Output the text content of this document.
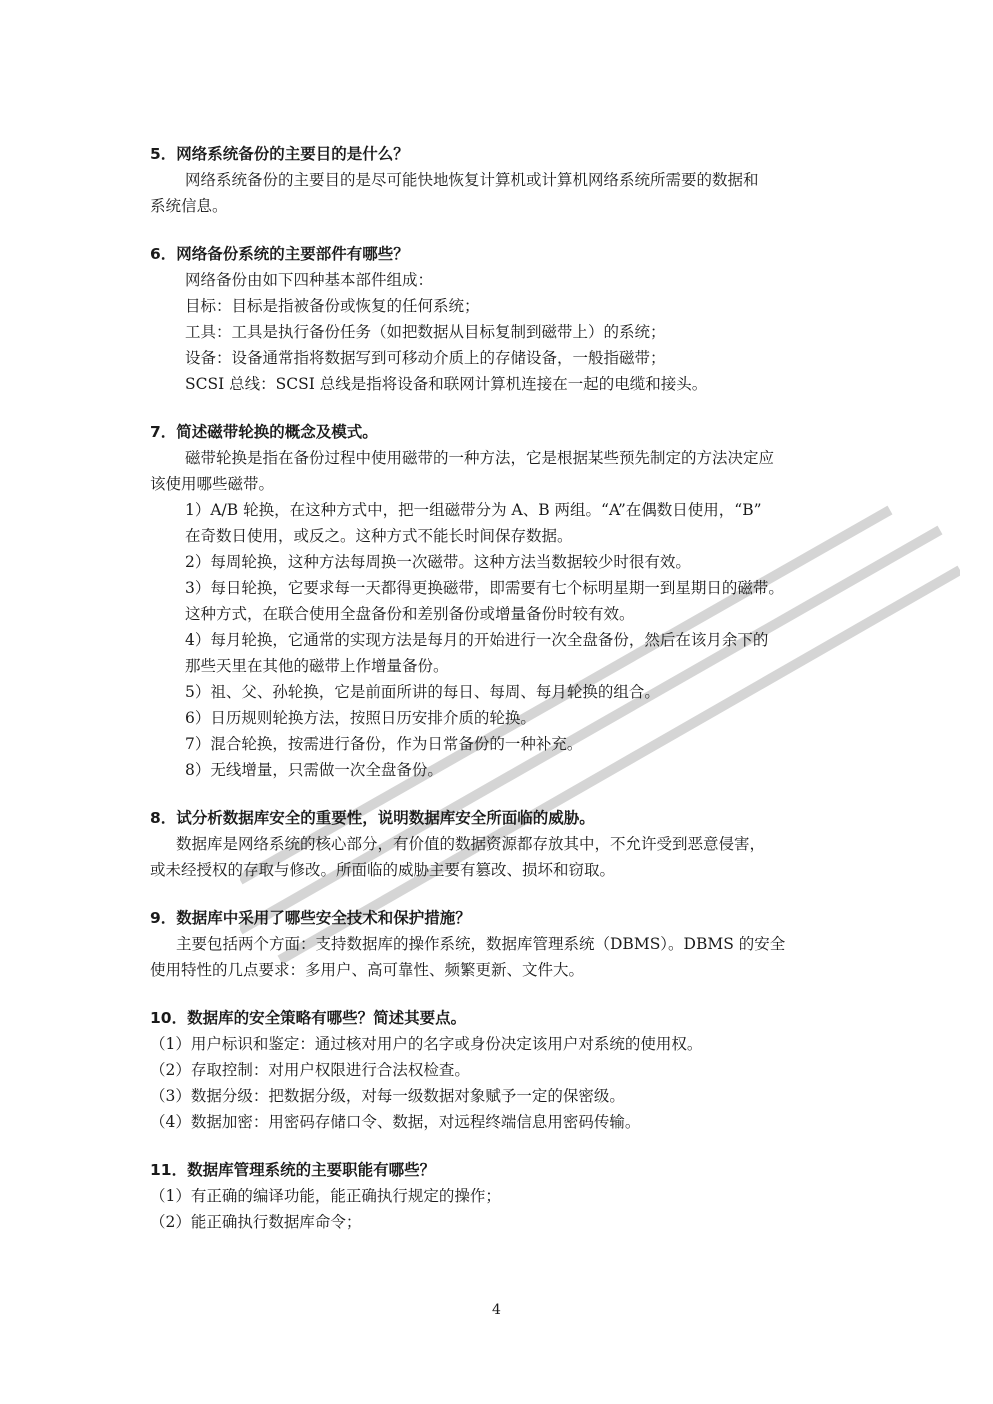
5．网络系统备份的主要目的是什么？

网络系统备份的主要目的是尽可能快地恢复计算机或计算机网络系统所需要的数据和

系统信息。

6．网络备份系统的主要部件有哪些？

网络备份由如下四种基本部件组成：

目标：目标是指被备份或恢复的任何系统；

工具：工具是执行备份任务（如把数据从目标复制到磁带上）的系统；

设备：设备通常指将数据写到可移动介质上的存储设备，一般指磁带；

SCSI 总线：SCSI 总线是指将设备和联网计算机连接在一起的电缆和接头。

7．简述磁带轮换的概念及模式。

磁带轮换是指在备份过程中使用磁带的一种方法，它是根据某些预先制定的方法决定应

该使用哪些磁带。

1）A/B 轮换，在这种方式中，把一组磁带分为 A、B 两组。“A”在偶数日使用，“B”

在奇数日使用，或反之。这种方式不能长时间保存数据。

2）每周轮换，这种方法每周换一次磁带。这种方法当数据较少时很有效。

3）每日轮换，它要求每一天都得更换磁带，即需要有七个标明星期一到星期日的磁带。

这种方式，在联合使用全盘备份和差别备份或增量备份时较有效。

4）每月轮换，它通常的实现方法是每月的开始进行一次全盘备份，然后在该月余下的

那些天里在其他的磁带上作增量备份。

5）祖、父、孙轮换，它是前面所讲的每日、每周、每月轮换的组合。

6）日历规则轮换方法，按照日历安排介质的轮换。

7）混合轮换，按需进行备份，作为日常备份的一种补充。

8）无线增量，只需做一次全盘备份。

8．试分析数据库安全的重要性，说明数据库安全所面临的威胁。

数据库是网络系统的核心部分，有价值的数据资源都存放其中，不允许受到恶意侵害，

或未经授权的存取与修改。所面临的威胁主要有篡改、损坏和窃取。

9．数据库中采用了哪些安全技术和保护措施？

主要包括两个方面：支持数据库的操作系统，数据库管理系统（DBMS）。DBMS 的安全

使用特性的几点要求：多用户、高可靠性、频繁更新、文件大。

10．数据库的安全策略有哪些？简述其要点。

（1）用户标识和鉴定：通过核对用户的名字或身份决定该用户对系统的使用权。

（2）存取控制：对用户权限进行合法权检查。

（3）数据分级：把数据分级，对每一级数据对象赋予一定的保密级。

（4）数据加密：用密码存储口令、数据，对远程终端信息用密码传输。

11．数据库管理系统的主要职能有哪些？

（1）有正确的编译功能，能正确执行规定的操作；

（2）能正确执行数据库命令；

4
